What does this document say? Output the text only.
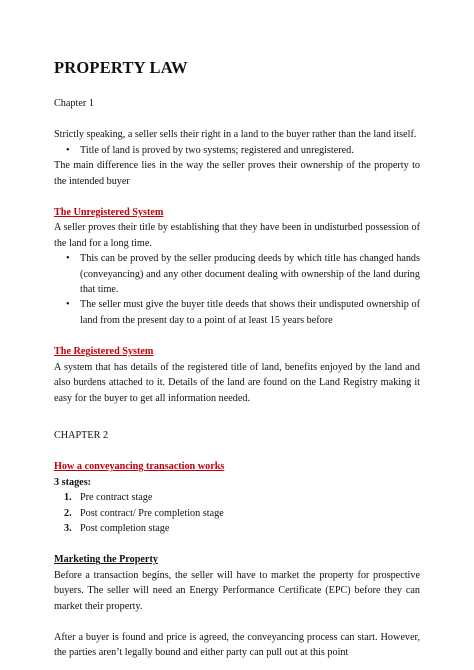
PROPERTY LAW

Chapter 1

Strictly speaking, a seller sells their right in a land to the buyer rather than the land itself.

• Title of land is proved by two systems; registered and unregistered.

The main difference lies in the way the seller proves their ownership of the property to the intended buyer

The Unregistered System

A seller proves their title by establishing that they have been in undisturbed possession of the land for a long time.

• This can be proved by the seller producing deeds by which title has changed hands (conveyancing) and any other document dealing with ownership of the land during that time.
• The seller must give the buyer title deeds that shows their undisputed ownership of land from the present day to a point of at least 15 years before

The Registered System

A system that has details of the registered title of land, benefits enjoyed by the land and also burdens attached to it. Details of the land are found on the Land Registry making it easy for the buyer to get all information needed.

CHAPTER 2

How a conveyancing transaction works

3 stages:

1. Pre contract stage
2. Post contract/ Pre completion stage
3. Post completion stage

Marketing the Property

Before a transaction begins, the seller will have to market the property for prospective buyers. The seller will need an Energy Performance Certificate (EPC) before they can market their property.

After a buyer is found and price is agreed, the conveyancing process can start. However, the parties aren’t legally bound and either party can pull out at this point
